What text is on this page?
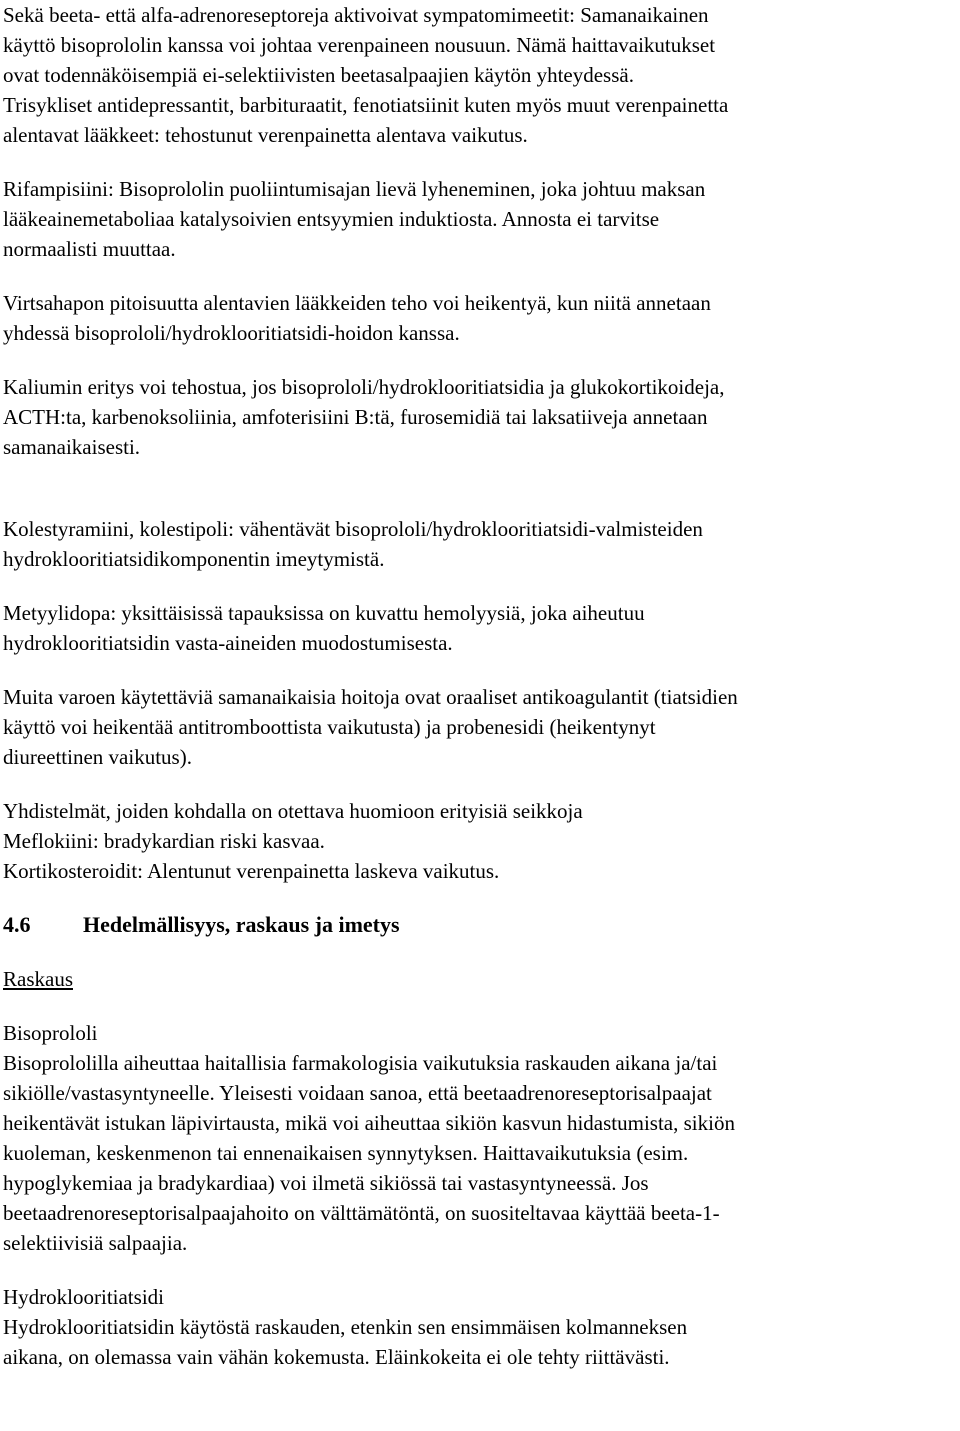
Sekä beeta- että alfa-adrenoreseptoreja aktivoivat sympatomimeetit: Samanaikainen
käyttö bisoprololin kanssa voi johtaa verenpaineen nousuun. Nämä haittavaikutukset
ovat todennäköisempiä ei-selektiivisten beetasalpaajien käytön yhteydessä.
Trisykliset antidepressantit, barbituraatit, fenotiatsiinit kuten myös muut verenpainetta
alentavat lääkkeet: tehostunut verenpainetta alentava vaikutus.

Rifampisiini: Bisoprololin puoliintumisajan lievä lyheneminen, joka johtuu maksan
lääkeainemetaboliaa katalysoivien entsyymien induktiosta. Annosta ei tarvitse
normaalisti muuttaa.

Virtsahapon pitoisuutta alentavien lääkkeiden teho voi heikentyä, kun niitä annetaan
yhdessä bisoprololi/hydroklooritiatsidi-hoidon kanssa.

Kaliumin eritys voi tehostua, jos bisoprololi/hydroklooritiatsidia ja glukokortikoideja,
ACTH:ta, karbenoksoliinia, amfoterisiini B:tä, furosemidiä tai laksatiiveja annetaan
samanaikaisesti.

Kolestyramiini, kolestipoli: vähentävät bisoprololi/hydroklooritiatsidi-valmisteiden
hydroklooritiatsidikomponentin imeytymistä.

Metyylidopa: yksittäisissä tapauksissa on kuvattu hemolyysiä, joka aiheutuu
hydroklooritiatsidin vasta-aineiden muodostumisesta.

Muita varoen käytettäviä samanaikaisia hoitoja ovat oraaliset antikoagulantit (tiatsidien
käyttö voi heikentää antitromboottista vaikutusta) ja probenesidi (heikentynyt
diureettinen vaikutus).

Yhdistelmät, joiden kohdalla on otettava huomioon erityisiä seikkoja
Meflokiini: bradykardian riski kasvaa.
Kortikosteroidit: Alentunut verenpainetta laskeva vaikutus.

4.6	Hedelmällisyys, raskaus ja imetys

Raskaus

Bisoprololi
Bisoprololilla aiheuttaa haitallisia farmakologisia vaikutuksia raskauden aikana ja/tai
sikiölle/vastasyntyneelle. Yleisesti voidaan sanoa, että beetaadrenoreseptorisalpaajat
heikentävät istukan läpivirtausta, mikä voi aiheuttaa sikiön kasvun hidastumista, sikiön
kuoleman, keskenmenon tai ennenaikaisen synnytyksen. Haittavaikutuksia (esim.
hypoglykemiaa ja bradykardiaa) voi ilmetä sikiössä tai vastasyntyneessä. Jos
beetaadrenoreseptorisalpaajahoito on välttämätöntä, on suositeltavaa käyttää beeta-1-
selektiivisiä salpaajia.

Hydroklooritiatsidi
Hydroklooritiatsidin käytöstä raskauden, etenkin sen ensimmäisen kolmanneksen
aikana, on olemassa vain vähän kokemusta. Eläinkokeita ei ole tehty riittävästi.
